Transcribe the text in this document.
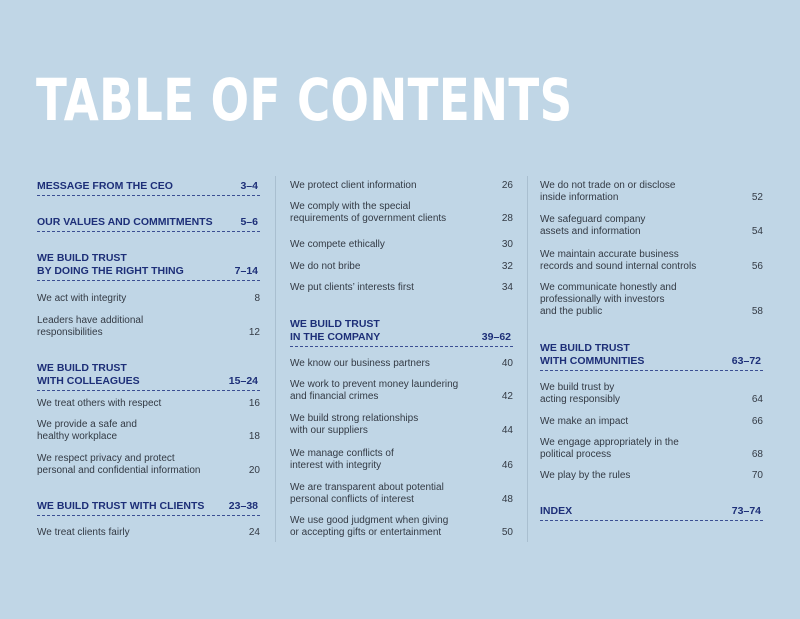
TABLE OF CONTENTS
MESSAGE FROM THE CEO	3–4
OUR VALUES AND COMMITMENTS	5–6
WE BUILD TRUST
BY DOING THE RIGHT THING	7–14
We act with integrity	8
Leaders have additional
responsibilities	12
WE BUILD TRUST
WITH COLLEAGUES	15–24
We treat others with respect	16
We provide a safe and
healthy workplace	18
We respect privacy and protect
personal and confidential information	20
WE BUILD TRUST WITH CLIENTS	23–38
We treat clients fairly	24
We protect client information	26
We comply with the special
requirements of government clients	28
We compete ethically	30
We do not bribe	32
We put clients’ interests first	34
WE BUILD TRUST
IN THE COMPANY	39–62
We know our business partners	40
We work to prevent money laundering
and financial crimes	42
We build strong relationships
with our suppliers	44
We manage conflicts of
interest with integrity	46
We are transparent about potential
personal conflicts of interest	48
We use good judgment when giving
or accepting gifts or entertainment	50
We do not trade on or disclose
inside information	52
We safeguard company
assets and information	54
We maintain accurate business
records and sound internal controls	56
We communicate honestly and
professionally with investors
and the public	58
WE BUILD TRUST
WITH COMMUNITIES	63–72
We build trust by
acting responsibly	64
We make an impact	66
We engage appropriately in the
political process	68
We play by the rules	70
INDEX	73–74
